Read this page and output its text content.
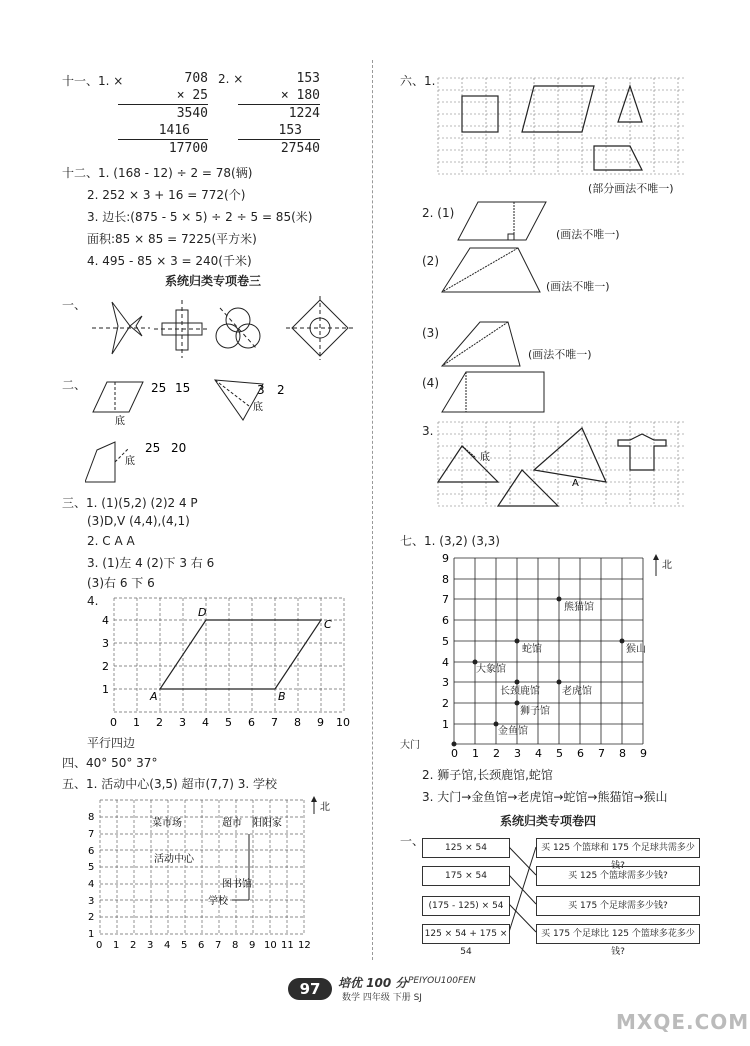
十一、1. ×	2. ×
708
× 25
3540
1416
17700
153
× 180
1224
153
27540
十二、1. (168 - 12) ÷ 2 = 78(辆)
2. 252 × 3 + 16 = 772(个)
3. 边长:(875 - 5 × 5) ÷ 2 ÷ 5 = 85(米)
面积:85 × 85 = 7225(平方米)
4. 495 - 85 × 3 = 240(千米)
系统归类专项卷三
一、
二、	25 15	3 2
底
底
25 20
底
三、1. (1)(5,2) (2)2 4 P
(3)D,V (4,4),(4,1)
2. C A A
3. (1)左 4 (2)下 3 右 6
(3)右 6 下 6
4.
A	B
C
D
0 1 2 3 4 5 6 7 8 9 10
1
2
3
4
平行四边
四、40° 50° 37°
五、1. 活动中心(3,5) 超市(7,7) 3. 学校
菜市场	超市 阳阳家
活动中心
图书馆
学校
北
0 1 2 3 4 5 6 7 8 9 10 11 12
1
2
3
4
5
6
7
8
六、1.
(部分画法不唯一)
2. (1)
(画法不唯一)
(2)
(画法不唯一)
(3)
(画法不唯一)
(4)
3.
底
A
七、1. (3,2) (3,3)
熊猫馆
蛇馆	猴山
大象馆
长颈鹿馆 老虎馆
狮子馆
金鱼馆
大门
北
0 1 2 3 4 5 6 7 8 9
1
2
3
4
5
6
7
8
9
2. 狮子馆,长颈鹿馆,蛇馆
3. 大门→金鱼馆→老虎馆→蛇馆→熊猫馆→猴山
系统归类专项卷四
一、	125 × 54
175 × 54
(175 - 125) × 54
125 × 54 + 175 × 54
买 125 个篮球和 175 个足球共需多少钱?
买 125 个篮球需多少钱?
买 175 个足球需多少钱?
买 175 个足球比 125 个篮球多花多少钱?
97	培优 100 分 PEIYOU100FEN
数学 四年级 下册 SJ
MXQE.COM
